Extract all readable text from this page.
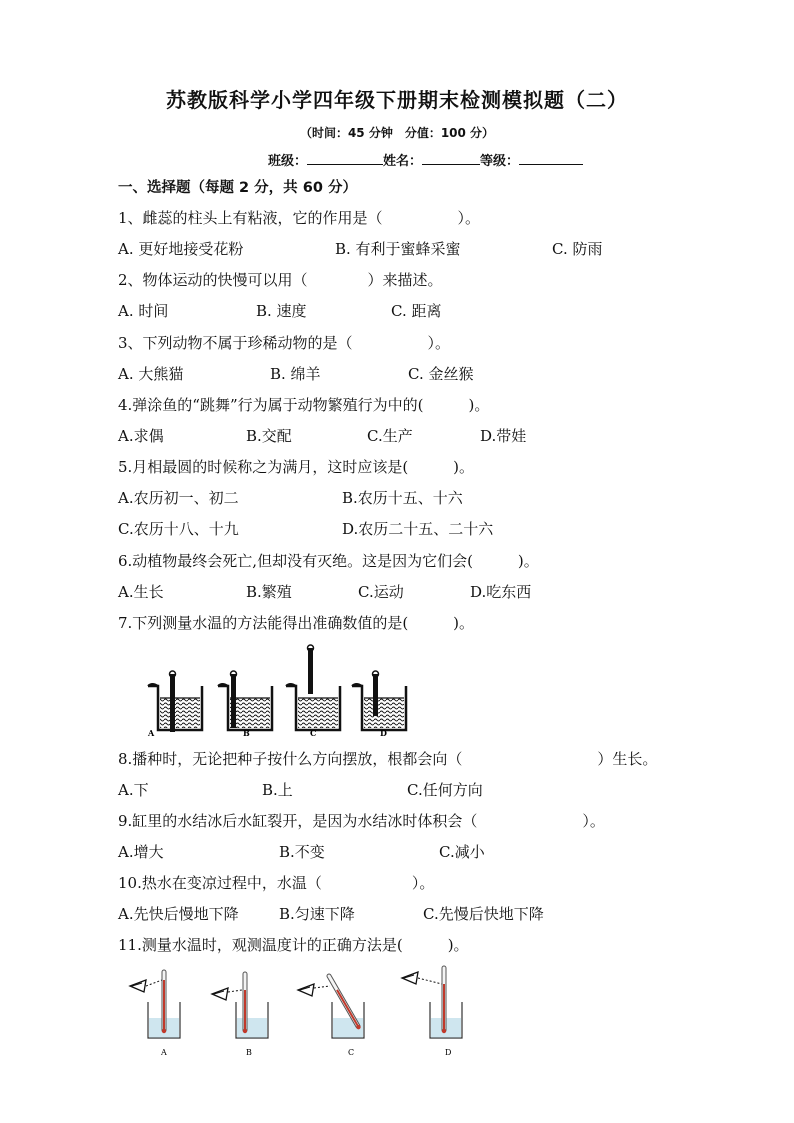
苏教版科学小学四年级下册期末检测模拟题（二）
（时间：45 分钟　分值：100 分）
班级：	姓名：	等级：
一、选择题（每题 2 分，共 60 分）
1、雌蕊的柱头上有粘液，它的作用是（　　　　　）。
A. 更好地接受花粉	B. 有利于蜜蜂采蜜	C. 防雨
2、物体运动的快慢可以用（　　　　）来描述。
A. 时间	B. 速度	C. 距离
3、下列动物不属于珍稀动物的是（　　　　　）。
A. 大熊猫	B. 绵羊	C. 金丝猴
4.弹涂鱼的“跳舞”行为属于动物繁殖行为中的(　　　)。
A.求偶	B.交配	C.生产	D.带娃
5.月相最圆的时候称之为满月，这时应该是(　　　)。
A.农历初一、初二	B.农历十五、十六
C.农历十八、十九	D.农历二十五、二十六
6.动植物最终会死亡,但却没有灭绝。这是因为它们会(　　　)。
A.生长	B.繁殖	C.运动	D.吃东西
7.下列测量水温的方法能得出准确数值的是(　　　)。
A	B	C	D
8.播种时，无论把种子按什么方向摆放，根都会向（　　　　　　　　　）生长。
A.下	B.上	C.任何方向
9.缸里的水结冰后水缸裂开，是因为水结冰时体积会（　　　　　　　）。
A.增大	B.不变	C.减小
10.热水在变凉过程中，水温（　　　　　　）。
A.先快后慢地下降	B.匀速下降	C.先慢后快地下降
11.测量水温时，观测温度计的正确方法是(　　　)。
A	B	C	D
